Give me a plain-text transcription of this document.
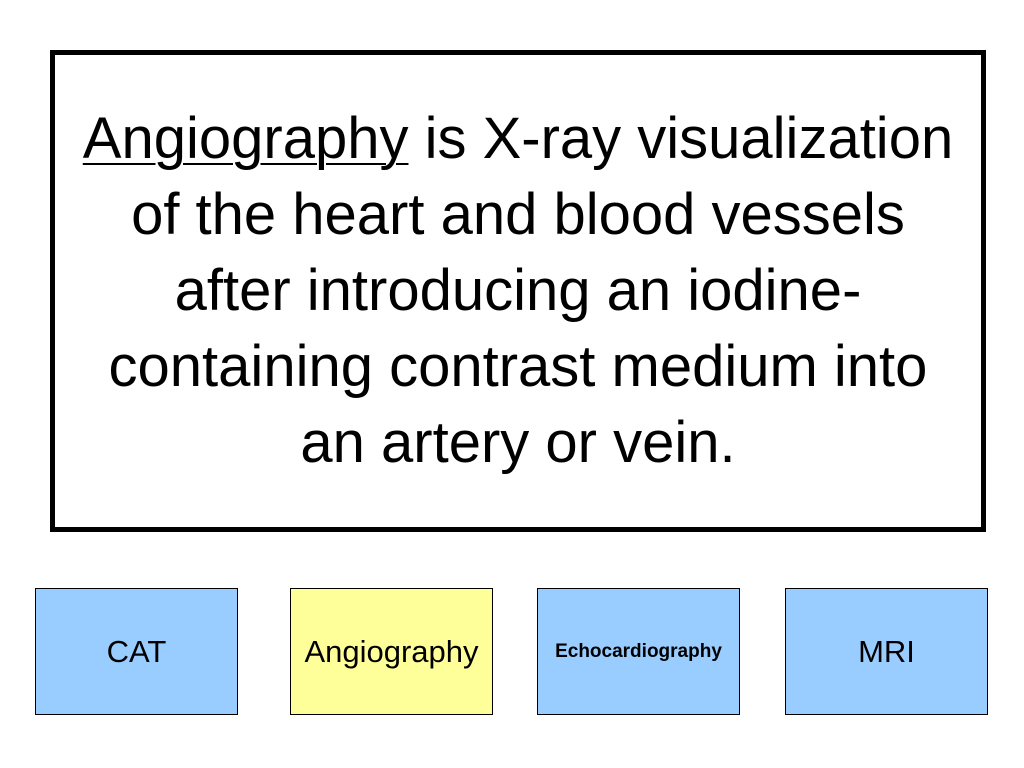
Angiography is X-ray visualization of the heart and blood vessels after introducing an iodine-containing contrast medium into an artery or vein.

CAT	Angiography	Echocardiography	MRI
